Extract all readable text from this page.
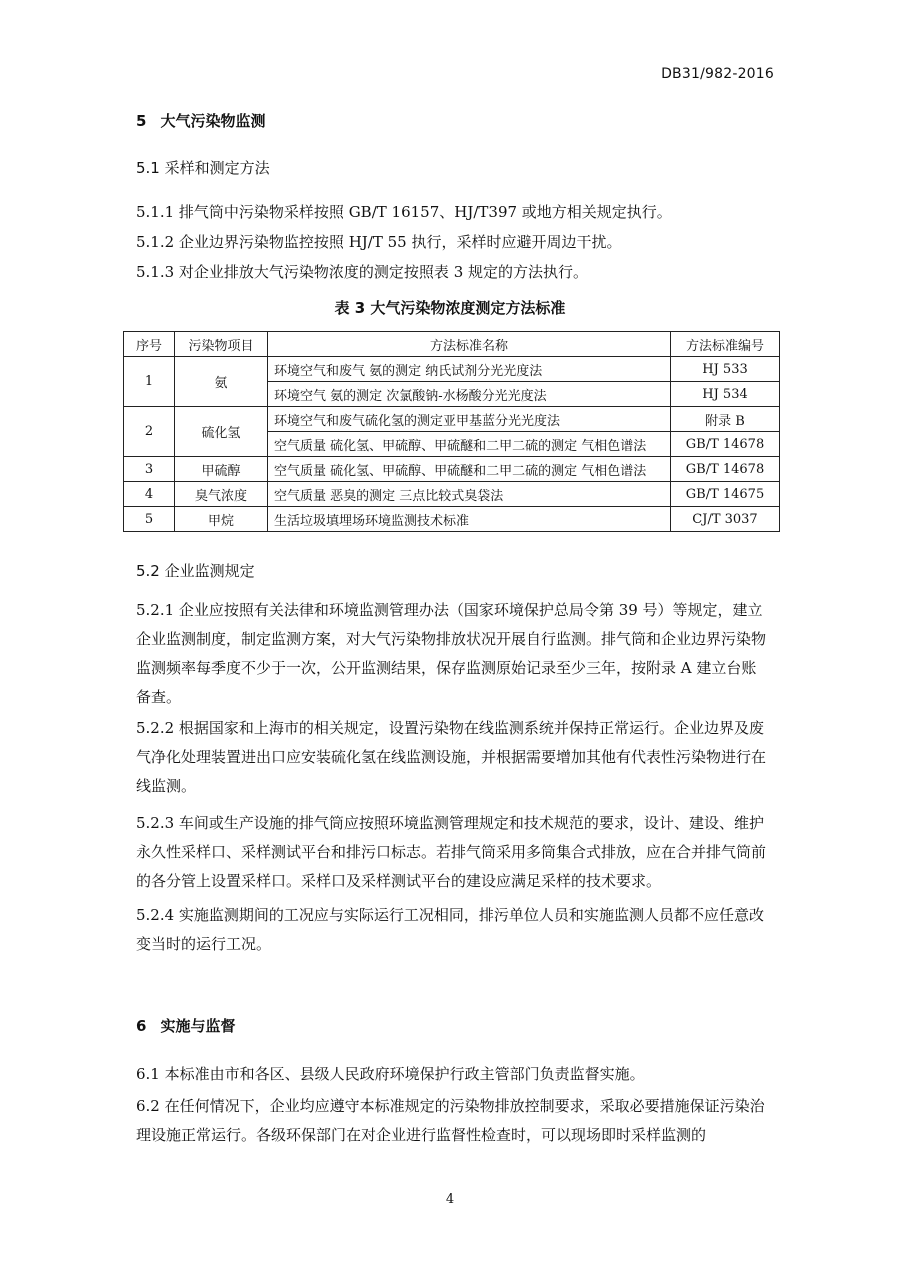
DB31/982-2016
5 大气污染物监测
5.1 采样和测定方法
5.1.1 排气筒中污染物采样按照 GB/T 16157、HJ/T397 或地方相关规定执行。
5.1.2 企业边界污染物监控按照 HJ/T 55 执行，采样时应避开周边干扰。
5.1.3 对企业排放大气污染物浓度的测定按照表 3 规定的方法执行。
表 3 大气污染物浓度测定方法标准
序号	污染物项目	方法标准名称	方法标准编号
1	氨	环境空气和废气 氨的测定 纳氏试剂分光光度法	HJ 533
		环境空气 氨的测定 次氯酸钠-水杨酸分光光度法	HJ 534
2	硫化氢	环境空气和废气硫化氢的测定亚甲基蓝分光光度法	附录 B
		空气质量 硫化氢、甲硫醇、甲硫醚和二甲二硫的测定 气相色谱法	GB/T 14678
3	甲硫醇	空气质量 硫化氢、甲硫醇、甲硫醚和二甲二硫的测定 气相色谱法	GB/T 14678
4	臭气浓度	空气质量 恶臭的测定 三点比较式臭袋法	GB/T 14675
5	甲烷	生活垃圾填埋场环境监测技术标准	CJ/T 3037
5.2 企业监测规定
5.2.1 企业应按照有关法律和环境监测管理办法（国家环境保护总局令第 39 号）等规定，建立企业监测制度，制定监测方案，对大气污染物排放状况开展自行监测。排气筒和企业边界污染物监测频率每季度不少于一次，公开监测结果，保存监测原始记录至少三年，按附录 A 建立台账备查。
5.2.2 根据国家和上海市的相关规定，设置污染物在线监测系统并保持正常运行。企业边界及废气净化处理装置进出口应安装硫化氢在线监测设施，并根据需要增加其他有代表性污染物进行在线监测。
5.2.3 车间或生产设施的排气筒应按照环境监测管理规定和技术规范的要求，设计、建设、维护永久性采样口、采样测试平台和排污口标志。若排气筒采用多筒集合式排放，应在合并排气筒前的各分管上设置采样口。采样口及采样测试平台的建设应满足采样的技术要求。
5.2.4 实施监测期间的工况应与实际运行工况相同，排污单位人员和实施监测人员都不应任意改变当时的运行工况。
6 实施与监督
6.1 本标准由市和各区、县级人民政府环境保护行政主管部门负责监督实施。
6.2 在任何情况下，企业均应遵守本标准规定的污染物排放控制要求，采取必要措施保证污染治理设施正常运行。各级环保部门在对企业进行监督性检查时，可以现场即时采样监测的
4
